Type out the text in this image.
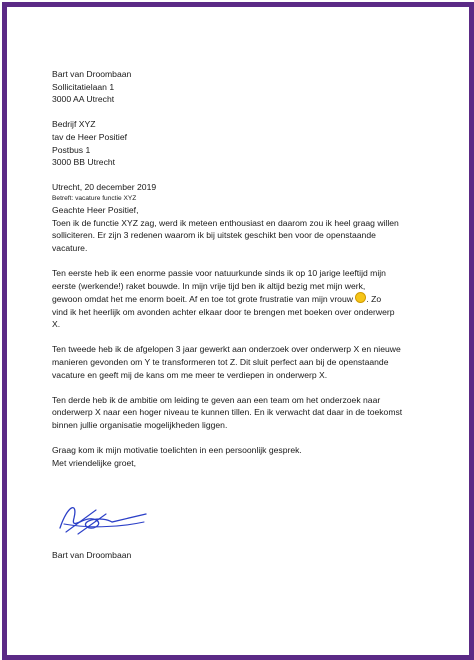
Bart van Droombaan
Sollicitatielaan 1
3000 AA Utrecht
Bedrijf XYZ
tav de Heer Positief
Postbus 1
3000 BB Utrecht

Utrecht, 20 december 2019

Betreft: vacature functie XYZ

Geachte Heer Positief,

Toen ik de functie XYZ zag, werd ik meteen enthousiast en daarom zou ik heel graag willen
solliciteren. Er zijn 3 redenen waarom ik bij uitstek geschikt ben voor de openstaande
vacature.
Ten eerste heb ik een enorme passie voor natuurkunde sinds ik op 10 jarige leeftijd mijn
eerste (werkende!) raket bouwde. In mijn vrije tijd ben ik altijd bezig met mijn werk,
gewoon omdat het me enorm boeit. Af en toe tot grote frustratie van mijn vrouw . Zo
vind ik het heerlijk om avonden achter elkaar door te brengen met boeken over onderwerp
X.
Ten tweede heb ik de afgelopen 3 jaar gewerkt aan onderzoek over onderwerp X en nieuwe
manieren gevonden om Y te transformeren tot Z. Dit sluit perfect aan bij de openstaande
vacature en geeft mij de kans om me meer te verdiepen in onderwerp X.
Ten derde heb ik de ambitie om leiding te geven aan een team om het onderzoek naar
onderwerp X naar een hoger niveau te kunnen tillen. En ik verwacht dat daar in de toekomst
binnen jullie organisatie mogelijkheden liggen.

Graag kom ik mijn motivatie toelichten in een persoonlijk gesprek.

Met vriendelijke groet,

Bart van Droombaan
